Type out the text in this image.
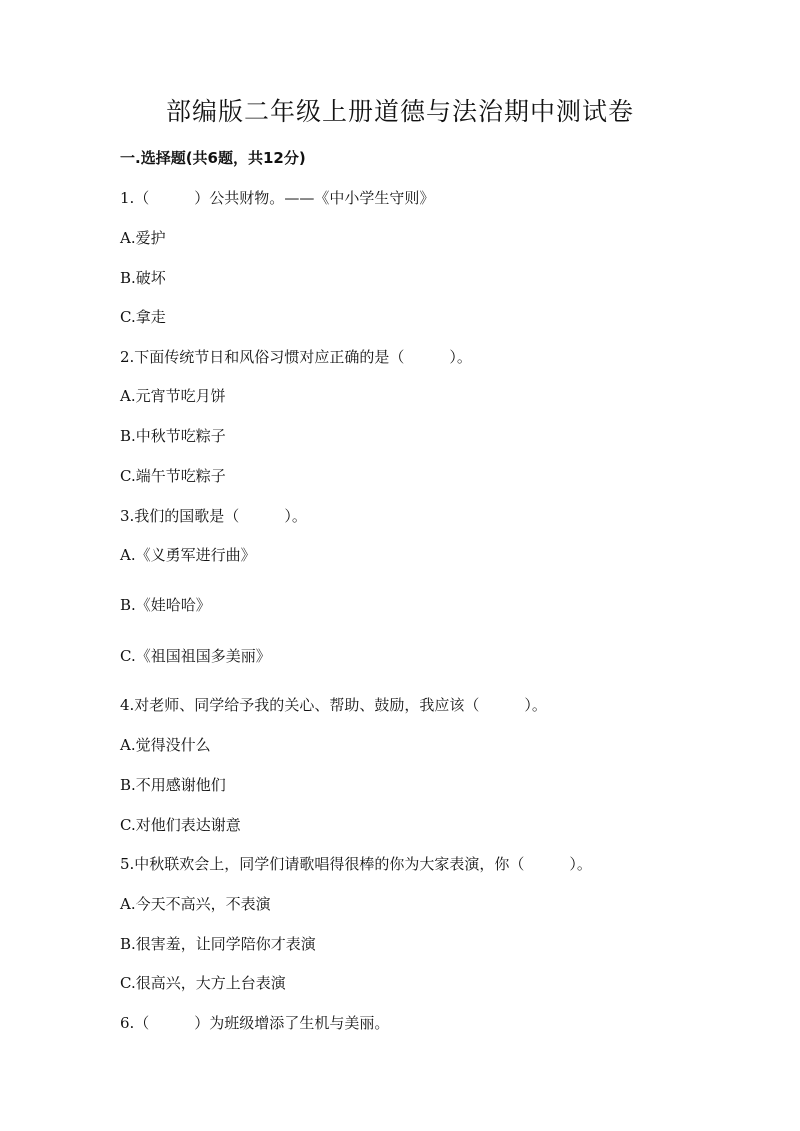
部编版二年级上册道德与法治期中测试卷
一.选择题(共6题，共12分)
1.（　　　）公共财物。——《中小学生守则》
A.爱护
B.破坏
C.拿走
2.下面传统节日和风俗习惯对应正确的是（　　　）。
A.元宵节吃月饼
B.中秋节吃粽子
C.端午节吃粽子
3.我们的国歌是（　　　）。
A.《义勇军进行曲》
B.《娃哈哈》
C.《祖国祖国多美丽》
4.对老师、同学给予我的关心、帮助、鼓励，我应该（　　　）。
A.觉得没什么
B.不用感谢他们
C.对他们表达谢意
5.中秋联欢会上，同学们请歌唱得很棒的你为大家表演，你（　　　）。
A.今天不高兴，不表演
B.很害羞，让同学陪你才表演
C.很高兴，大方上台表演
6.（　　　）为班级增添了生机与美丽。
